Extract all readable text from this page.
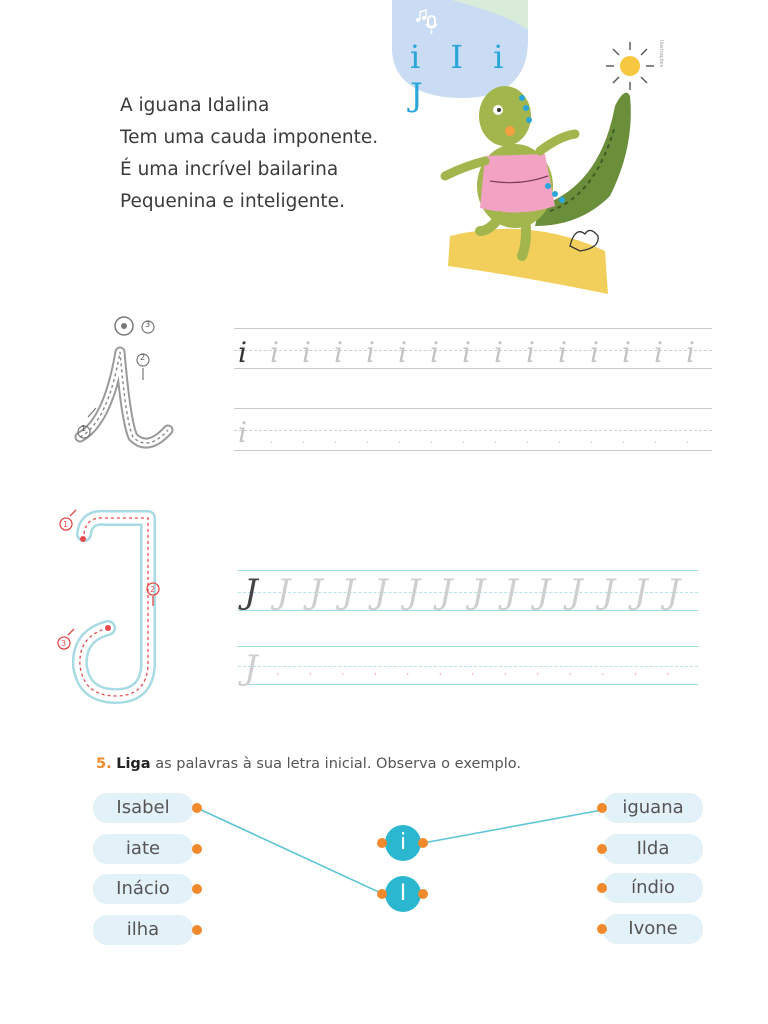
i I i J
A iguana Idalina
Tem uma cauda imponente.
É uma incrível bailarina
Pequenina e inteligente.
Ilustrações
1
2
3
i i i i i i i i i i i i i i i
i	·	·	·	·	·	·	·	·	·	·	·	·	·	·
1
2
3
J J J J J J J J J J J J J J
J ·	·	·	·	·	·	·	·	·	·	·	·	·
5. Liga as palavras à sua letra inicial. Observa o exemplo.
Isabel
iate
Inácio
ilha
i
I
iguana
Ilda
índio
Ivone
